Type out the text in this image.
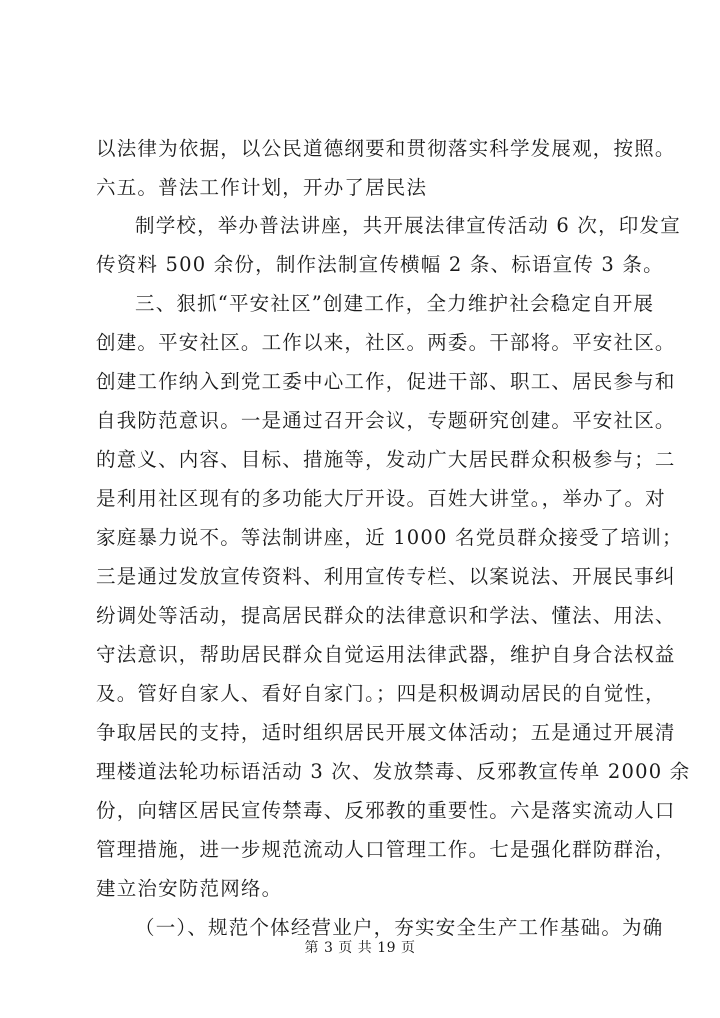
以法律为依据，以公民道德纲要和贯彻落实科学发展观，按照。
六五。普法工作计划，开办了居民法
制学校，举办普法讲座，共开展法律宣传活动 6 次，印发宣
传资料 500 余份，制作法制宣传横幅 2 条、标语宣传 3 条。
三、狠抓“平安社区”创建工作，全力维护社会稳定自开展
创建。平安社区。工作以来，社区。两委。干部将。平安社区。
创建工作纳入到党工委中心工作，促进干部、职工、居民参与和
自我防范意识。一是通过召开会议，专题研究创建。平安社区。
的意义、内容、目标、措施等，发动广大居民群众积极参与；二
是利用社区现有的多功能大厅开设。百姓大讲堂。，举办了。对
家庭暴力说不。等法制讲座，近 1000 名党员群众接受了培训；
三是通过发放宣传资料、利用宣传专栏、以案说法、开展民事纠
纷调处等活动，提高居民群众的法律意识和学法、懂法、用法、
守法意识，帮助居民群众自觉运用法律武器，维护自身合法权益
及。管好自家人、看好自家门。；四是积极调动居民的自觉性，
争取居民的支持，适时组织居民开展文体活动；五是通过开展清
理楼道法轮功标语活动 3 次、发放禁毒、反邪教宣传单 2000 余
份，向辖区居民宣传禁毒、反邪教的重要性。六是落实流动人口
管理措施，进一步规范流动人口管理工作。七是强化群防群治，
建立治安防范网络。
（一）、规范个体经营业户，夯实安全生产工作基础。为确
第 3 页 共 19 页
